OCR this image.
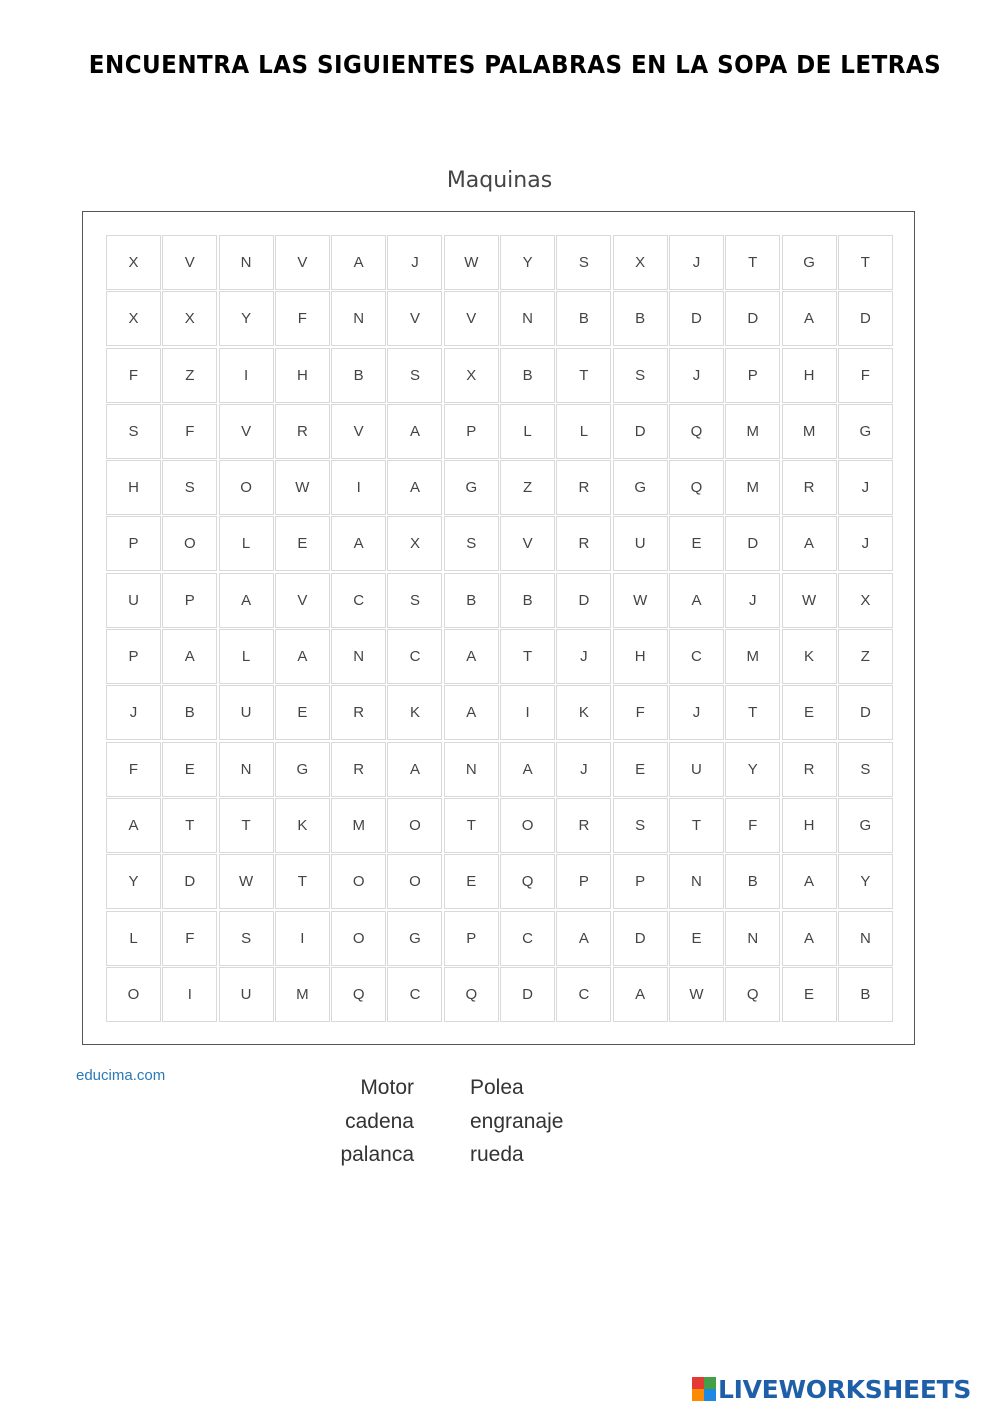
ENCUENTRA LAS SIGUIENTES PALABRAS EN LA SOPA DE LETRAS
Maquinas
X	V	N	V	A	J	W	Y	S	X	J	T	G	T
X	X	Y	F	N	V	V	N	B	B	D	D	A	D
F	Z	I	H	B	S	X	B	T	S	J	P	H	F
S	F	V	R	V	A	P	L	L	D	Q	M	M	G
H	S	O	W	I	A	G	Z	R	G	Q	M	R	J
P	O	L	E	A	X	S	V	R	U	E	D	A	J
U	P	A	V	C	S	B	B	D	W	A	J	W	X
P	A	L	A	N	C	A	T	J	H	C	M	K	Z
J	B	U	E	R	K	A	I	K	F	J	T	E	D
F	E	N	G	R	A	N	A	J	E	U	Y	R	S
A	T	T	K	M	O	T	O	R	S	T	F	H	G
Y	D	W	T	O	O	E	Q	P	P	N	B	A	Y
L	F	S	I	O	G	P	C	A	D	E	N	A	N
O	I	U	M	Q	C	Q	D	C	A	W	Q	E	B
educima.com
Motor
cadena
palanca
Polea
engranaje
rueda
LIVEWORKSHEETS
